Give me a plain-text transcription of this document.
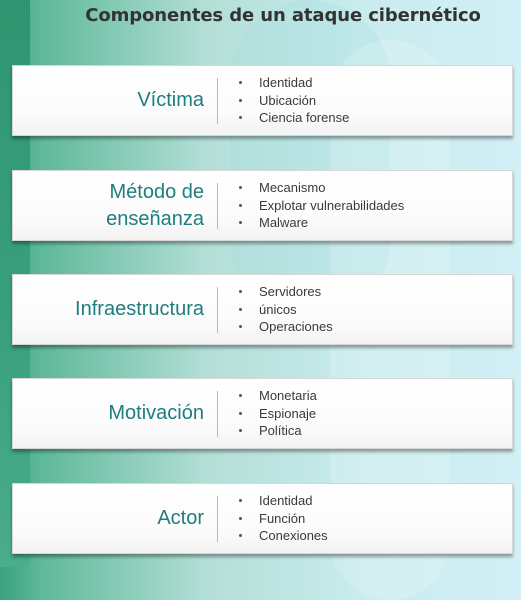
Componentes de un ataque cibernético
Víctima
Identidad
Ubicación
Ciencia forense
Método de enseñanza
Mecanismo
Explotar vulnerabilidades
Malware
Infraestructura
Servidores
únicos
Operaciones
Motivación
Monetaria
Espionaje
Política
Actor
Identidad
Función
Conexiones
